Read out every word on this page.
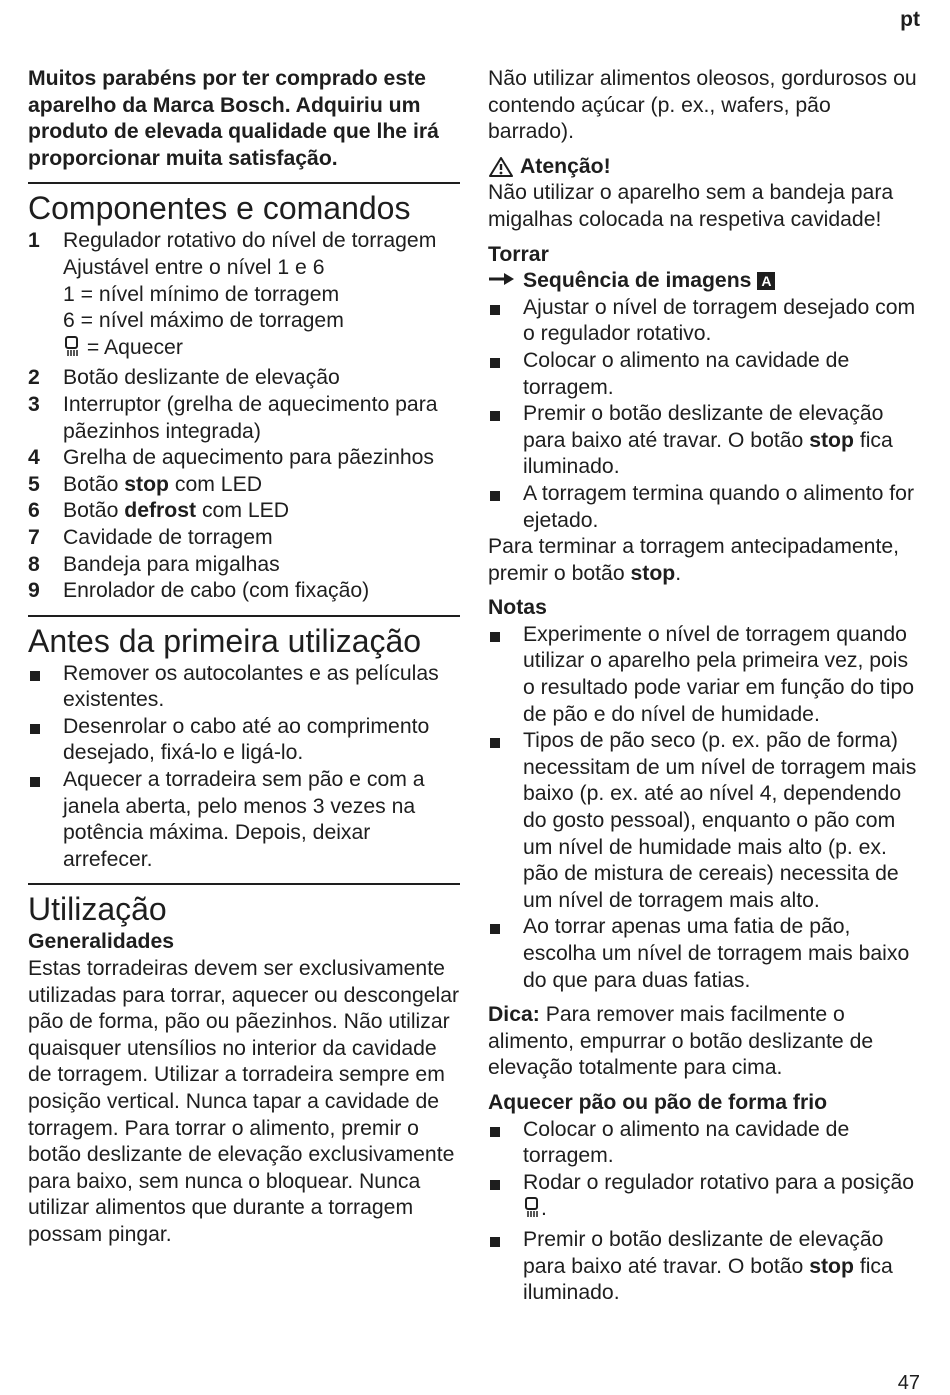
pt

Muitos parabéns por ter comprado este aparelho da Marca Bosch. Adquiriu um produto de elevada qualidade que lhe irá proporcionar muita satisfação.

Componentes e comandos
1	Regulador rotativo do nível de torragem
Ajustável entre o nível 1 e 6
1 = nível mínimo de torragem
6 = nível máximo de torragem
= Aquecer
2	Botão deslizante de elevação
3	Interruptor (grelha de aquecimento para pãezinhos integrada)
4	Grelha de aquecimento para pãezinhos
5	Botão stop com LED
6	Botão defrost com LED
7	Cavidade de torragem
8	Bandeja para migalhas
9	Enrolador de cabo (com fixação)
Antes da primeira utilização
Remover os autocolantes e as películas existentes.
Desenrolar o cabo até ao comprimento desejado, fixá-lo e ligá-lo.
Aquecer a torradeira sem pão e com a janela aberta, pelo menos 3 vezes na potência máxima. Depois, deixar arrefecer.
Utilização

Generalidades

Estas torradeiras devem ser exclusivamente utilizadas para torrar, aquecer ou descongelar pão de forma, pão ou pãezinhos. Não utilizar quaisquer utensílios no interior da cavidade de torragem. Utilizar a torradeira sempre em posição vertical. Nunca tapar a cavidade de torragem. Para torrar o alimento, premir o botão deslizante de elevação exclusivamente para baixo, sem nunca o bloquear. Nunca utilizar alimentos que durante a torragem possam pingar.

Não utilizar alimentos oleosos, gordurosos ou contendo açúcar (p. ex., wafers, pão barrado).

Atenção!

Não utilizar o aparelho sem a bandeja para migalhas colocada na respetiva cavidade!

Torrar

Sequência de imagens A

Ajustar o nível de torragem desejado com o regulador rotativo.
Colocar o alimento na cavidade de torragem.
Premir o botão deslizante de elevação para baixo até travar. O botão stop fica iluminado.
A torragem termina quando o alimento for ejetado.

Para terminar a torragem antecipadamente, premir o botão stop.

Notas

Experimente o nível de torragem quando utilizar o aparelho pela primeira vez, pois o resultado pode variar em função do tipo de pão e do nível de humidade.
Tipos de pão seco (p. ex. pão de forma) necessitam de um nível de torragem mais baixo (p. ex. até ao nível 4, dependendo do gosto pessoal), enquanto o pão com um nível de humidade mais alto (p. ex. pão de mistura de cereais) necessita de um nível de torragem mais alto.
Ao torrar apenas uma fatia de pão, escolha um nível de torragem mais baixo do que para duas fatias.

Dica: Para remover mais facilmente o alimento, empurrar o botão deslizante de elevação totalmente para cima.

Aquecer pão ou pão de forma frio

Colocar o alimento na cavidade de torragem.
Rodar o regulador rotativo para a posição .
Premir o botão deslizante de elevação para baixo até travar. O botão stop fica iluminado.
47
